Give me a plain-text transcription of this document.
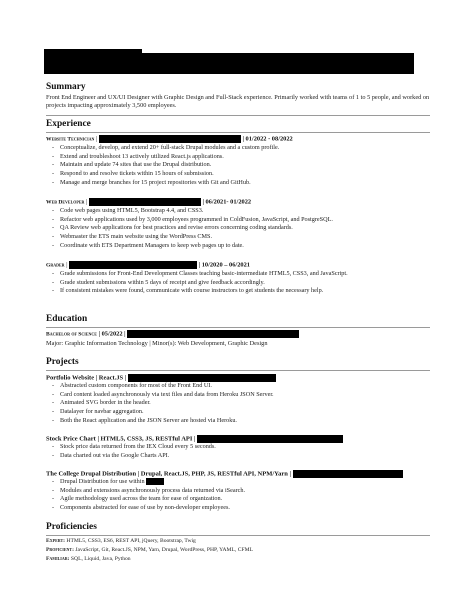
Summary
Front End Engineer and UX/UI Designer with Graphic Design and Full-Stack experience. Primarily worked with teams of 1 to 5 people, and worked on projects impacting approximately 3,500 employees.
Experience
Website Technician |	| 01/2022 - 08/2022
- Conceptualize, develop, and extend 20+ full-stack Drupal modules and a custom profile.
- Extend and troubleshoot 13 actively utilized React.js applications.
- Maintain and update 74 sites that use the Drupal distribution.
- Respond to and resolve tickets within 15 hours of submission.
- Manage and merge branches for 15 project repositories with Git and GitHub.
Web Developer |	| 06/2021- 01/2022
- Code web pages using HTML5, Bootstrap 4.4, and CSS3.
- Refactor web applications used by 3,000 employees programmed in ColdFusion, JavaScript, and PostgreSQL.
- QA Review web applications for best practices and revise errors concerning coding standards.
- Webmaster the ETS main website using the WordPress CMS.
- Coordinate with ETS Department Managers to keep web pages up to date.
Grader |	| 10/2020 – 06/2021
- Grade submissions for Front-End Development Classes teaching basic-intermediate HTML5, CSS3, and JavaScript.
- Grade student submissions within 5 days of receipt and give feedback accordingly.
- If consistent mistakes were found, communicate with course instructors to get students the necessary help.
Education
Bachelor of Science | 05/2022 |
Major: Graphic Information Technology | Minor(s): Web Development, Graphic Design
Projects
Portfolio Website | React.JS |
- Abstracted custom components for most of the Front End UI.
- Card content loaded asynchronously via text files and data from Heroku JSON Server.
- Animated SVG border in the header.
- Datalayer for navbar aggregation.
- Both the React application and the JSON Server are hosted via Heroku.
Stock Price Chart | HTML5, CSS3, JS, RESTful API |
- Stock price data returned from the IEX Cloud every 5 seconds.
- Data charted out via the Google Charts API.
The College Drupal Distribution | Drupal, React.JS, PHP, JS, RESTful API, NPM/Yarn |
- Drupal Distribution for use within
- Modules and extensions asynchronously process data returned via iSearch.
- Agile methodology used across the team for ease of organization.
- Components abstracted for ease of use by non-developer employees.
Proficiencies
Expert: HTML5, CSS3, ES6, REST API, jQuery, Bootstrap, Twig
Proficient: JavaScript, Git, React.JS, NPM, Yarn, Drupal, WordPress, PHP, YAML, CFML
Familiar: SQL, Liquid, Java, Python
